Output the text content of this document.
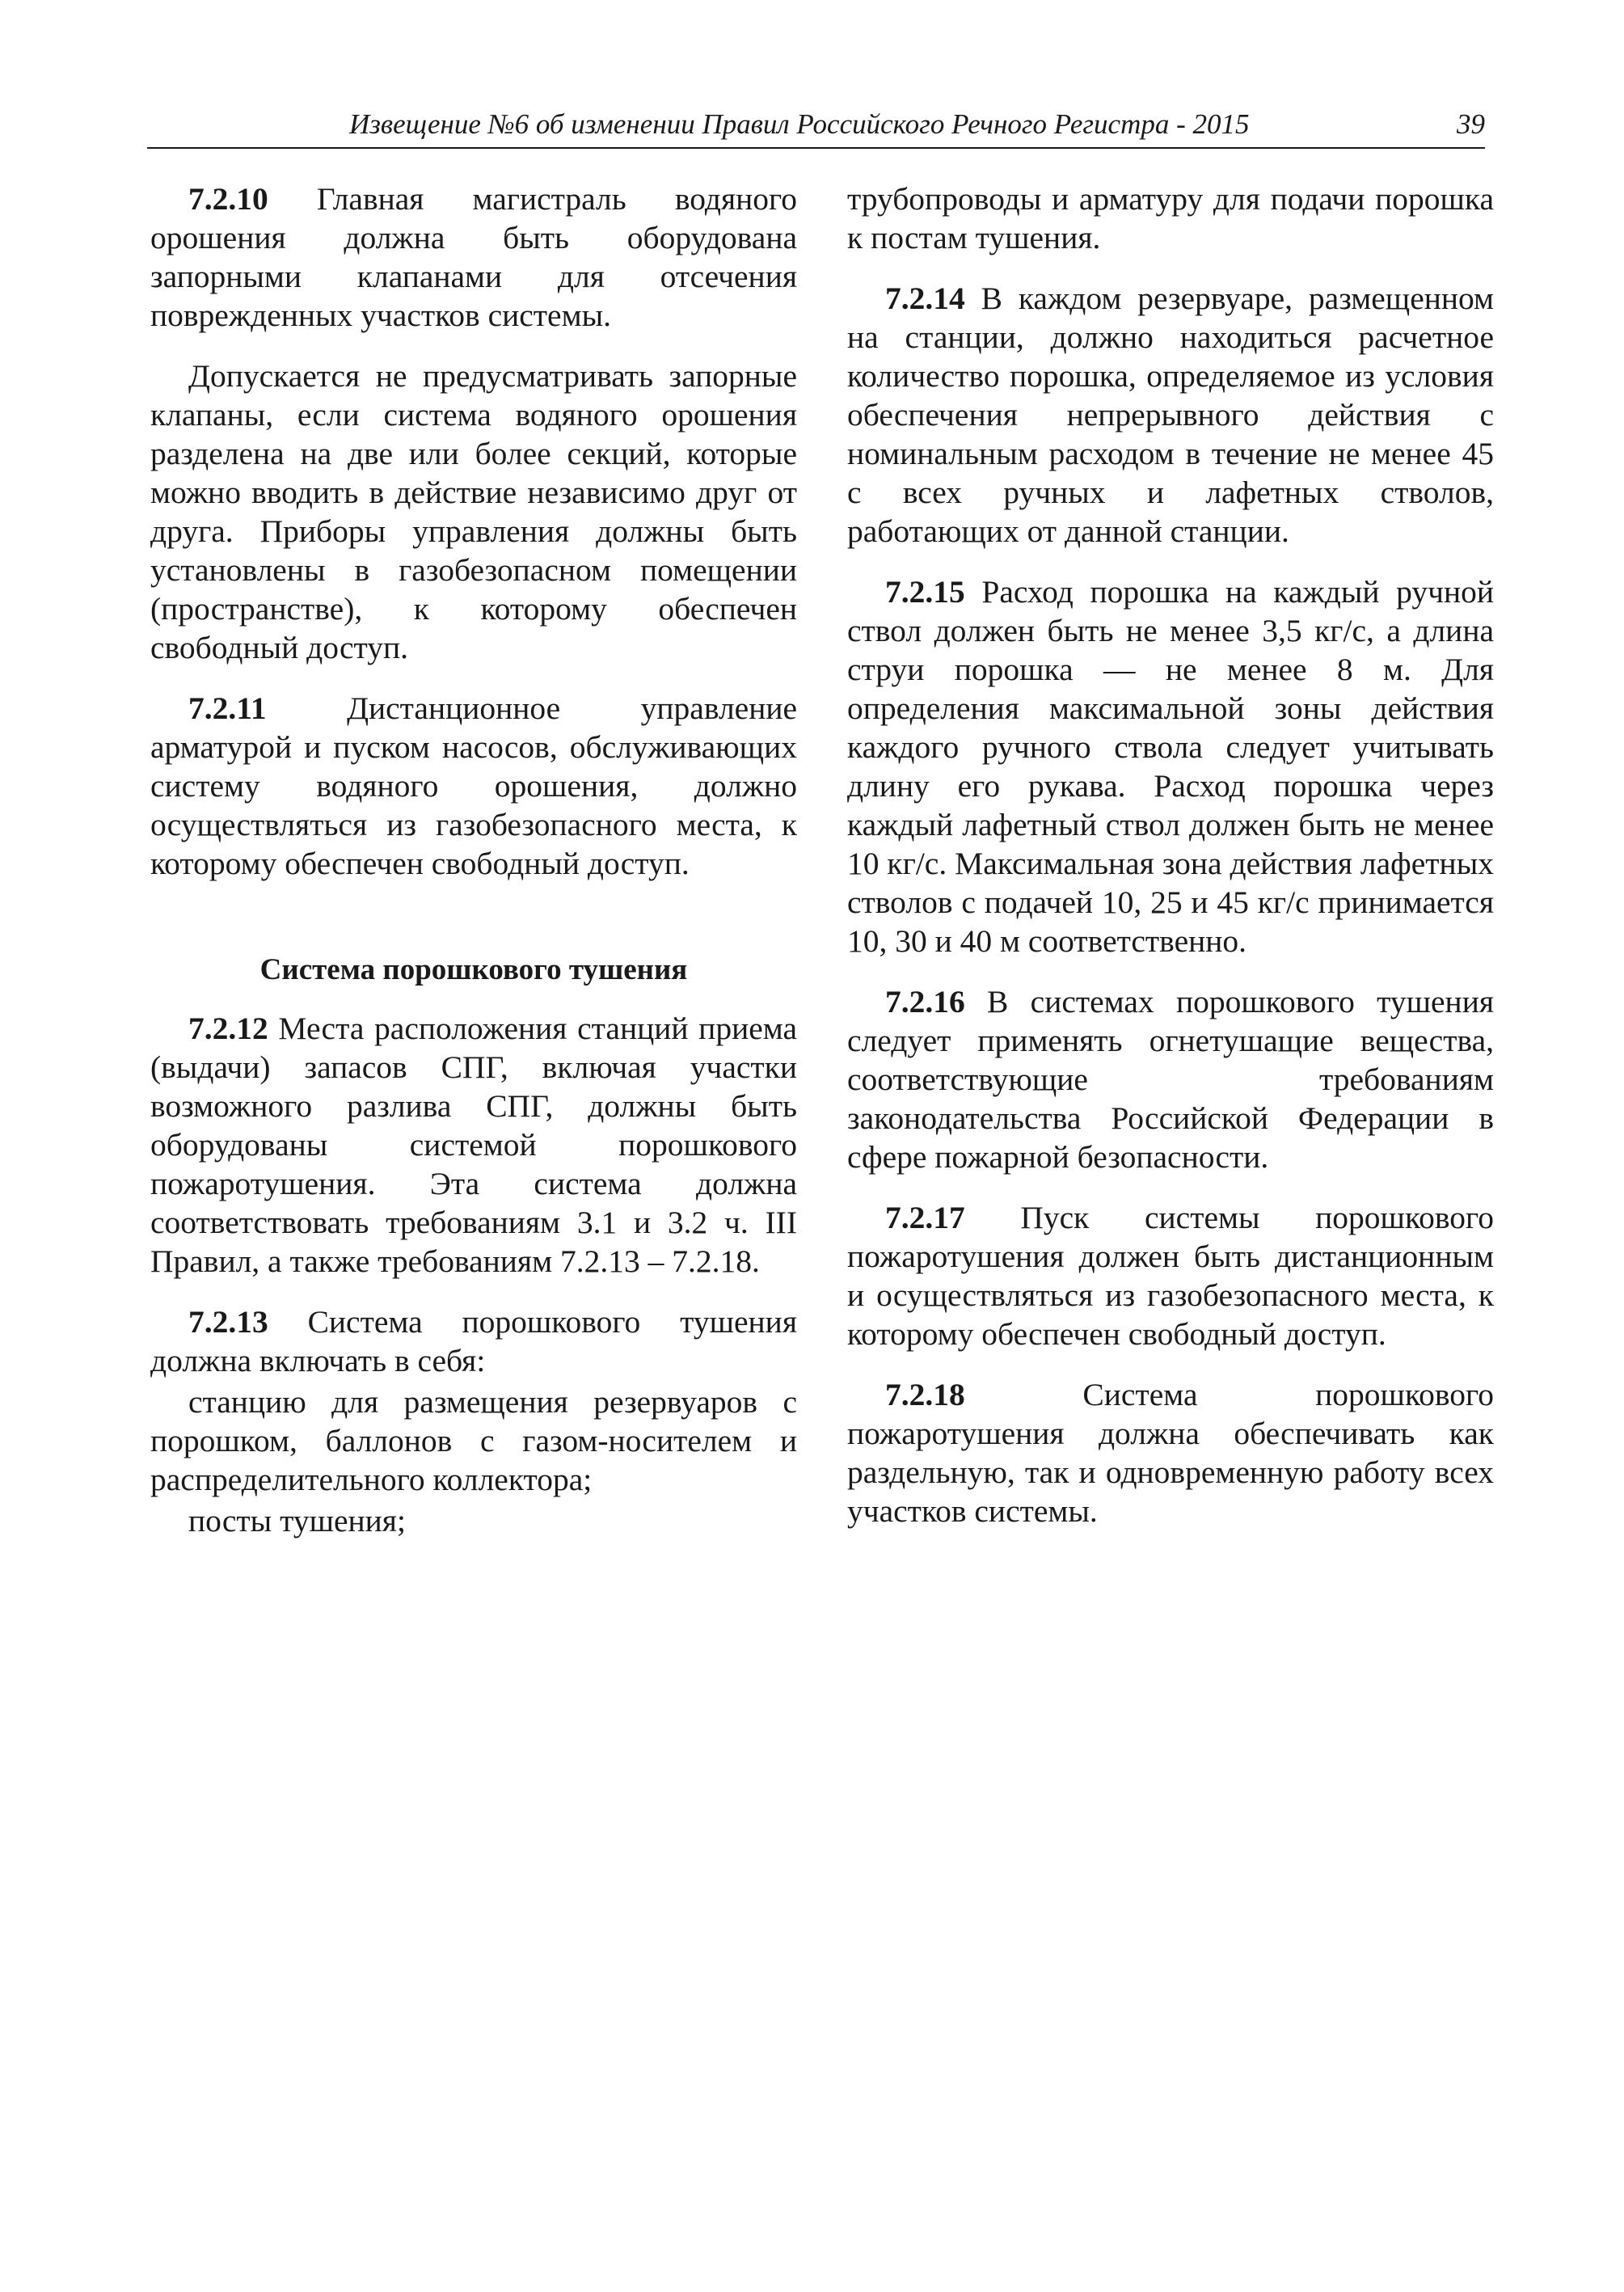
Извещение №6 об изменении Правил Российского Речного Регистра - 2015	39

7.2.10 Главная магистраль водяного орошения должна быть оборудована запорными клапанами для отсечения поврежденных участков системы.

Допускается не предусматривать запорные клапаны, если система водяного орошения разделена на две или более секций, которые можно вводить в действие независимо друг от друга. Приборы управления должны быть установлены в газобезопасном помещении (пространстве), к которому обеспечен свободный доступ.

7.2.11 Дистанционное управление арматурой и пуском насосов, обслуживающих систему водяного орошения, должно осуществляться из газобезопасного места, к которому обеспечен свободный доступ.

Система порошкового тушения

7.2.12 Места расположения станций приема (выдачи) запасов СПГ, включая участки возможного разлива СПГ, должны быть оборудованы системой порошкового пожаротушения. Эта система должна соответствовать требованиям 3.1 и 3.2 ч. III Правил, а также требованиям 7.2.13 – 7.2.18.

7.2.13 Система порошкового тушения должна включать в себя:

станцию для размещения резервуаров с порошком, баллонов с газом-носителем и распределительного коллектора;

посты тушения;

трубопроводы и арматуру для подачи порошка к постам тушения.

7.2.14 В каждом резервуаре, размещенном на станции, должно находиться расчетное количество порошка, определяемое из условия обеспечения непрерывного действия с номинальным расходом в течение не менее 45 с всех ручных и лафетных стволов, работающих от данной станции.

7.2.15 Расход порошка на каждый ручной ствол должен быть не менее 3,5 кг/с, а длина струи порошка — не менее 8 м. Для определения максимальной зоны действия каждого ручного ствола следует учитывать длину его рукава. Расход порошка через каждый лафетный ствол должен быть не менее 10 кг/с. Максимальная зона действия лафетных стволов с подачей 10, 25 и 45 кг/с принимается 10, 30 и 40 м соответственно.

7.2.16 В системах порошкового тушения следует применять огнетушащие вещества, соответствующие требованиям законодательства Российской Федерации в сфере пожарной безопасности.

7.2.17 Пуск системы порошкового пожаротушения должен быть дистанционным и осуществляться из газобезопасного места, к которому обеспечен свободный доступ.

7.2.18 Система порошкового пожаротушения должна обеспечивать как раздельную, так и одновременную работу всех участков системы.
